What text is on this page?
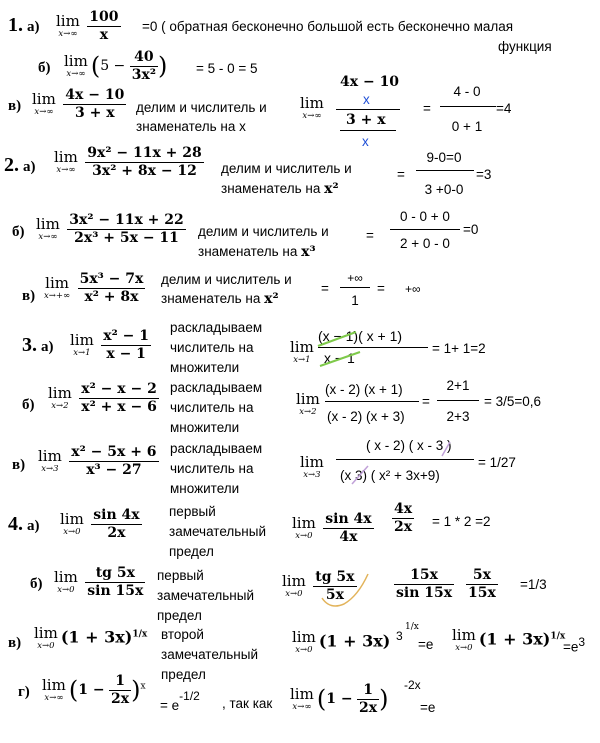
1. а) lim
x→∞
$\frac{100}{x} =0$ ( обратная бесконечно большой есть бесконечно малая
функция
б) lim
x→∞ ($5 - \frac{40}{\text{3x²}}$ ) = 5 - 0 = 5
в) lim
x→∞
$\frac{4x - 10}{3 + x}$ делим и числитель и
знаменатель на х
lim
x→∞
4x − 10
х
3 + x
х
=
4 - 0
0 + 1
=4
2. а)
lim
x→∞
$\frac{\text{9x² − 11x + 28}}{\text{3x² + 8x − 12}}$ делим и числитель и
знаменатель на x²
=
9-0=0
3 +0-0
=3
б) lim
x→∞
$\frac{\text{3x² − 11x + 22}}{\text{2x³ + 5x − 11}}$ делим и числитель и
знаменатель на x³
=
0 - 0 + 0
2 + 0 - 0
=0
в)
lim
x→+∞
$\frac{\text{5x³ − 7x}}{\text{x² + 8x}}$ делим и числитель и
знаменатель на x²
=
+∞
1
= +∞
3. а) lim
x→1
$\frac{\text{x² − 1}}{x - 1}$
раскладываем
числитель на
множители
lim
x→1
(x − 1)( x + 1)
x − 1
= 1+ 1=2
б)
lim
x→2
$\frac{\text{x² − x − 2}}{\text{x² + x − 6}}$ раскладываем
числитель на
множители
lim
x→2
(x - 2) (x + 1)
(x - 2) (x + 3)
=
2+1
2+3
= 3/5=0,6
в)
lim
x→3
$\frac{\text{x² − 5x + 6}}{\text{x³ − 27}}$ раскладываем
числитель на
множители
lim
x→3
( x - 2) ( x - 3 )
(x 3) ( x² + 3x+9)
= 1/27
4. а) lim
x→0
$\frac{\sin 4x}{2x}$ первый
замечательный
предел
lim
x→0
$\frac{\sin 4x}{4x} \frac{4x}{2x} = 1 * 2 =2$
б) lim
x→0
$\frac{tg 5x}{\sin 15x}$ первый
замечательный
предел
lim
x→0
$\frac{tg 5x}{5x}$	$\frac{15x}{\sin 15x} \frac{5x}{15x} =1/3$
в)
lim
x→0 $(1 + 3x)^{1/x}$ второй
замечательный
предел
lim
x→0 (1 + 3x) 3
1/x
=e
lim
x→0 $(1 + 3x)^{1/x}$
=e3
г) lim
x→∞ $(1 - \frac{1}{2x} )^x$
= e-1/2 , так как
lim
x→∞ ($1 - \frac{1}{2x}$ )
-2x
=e
